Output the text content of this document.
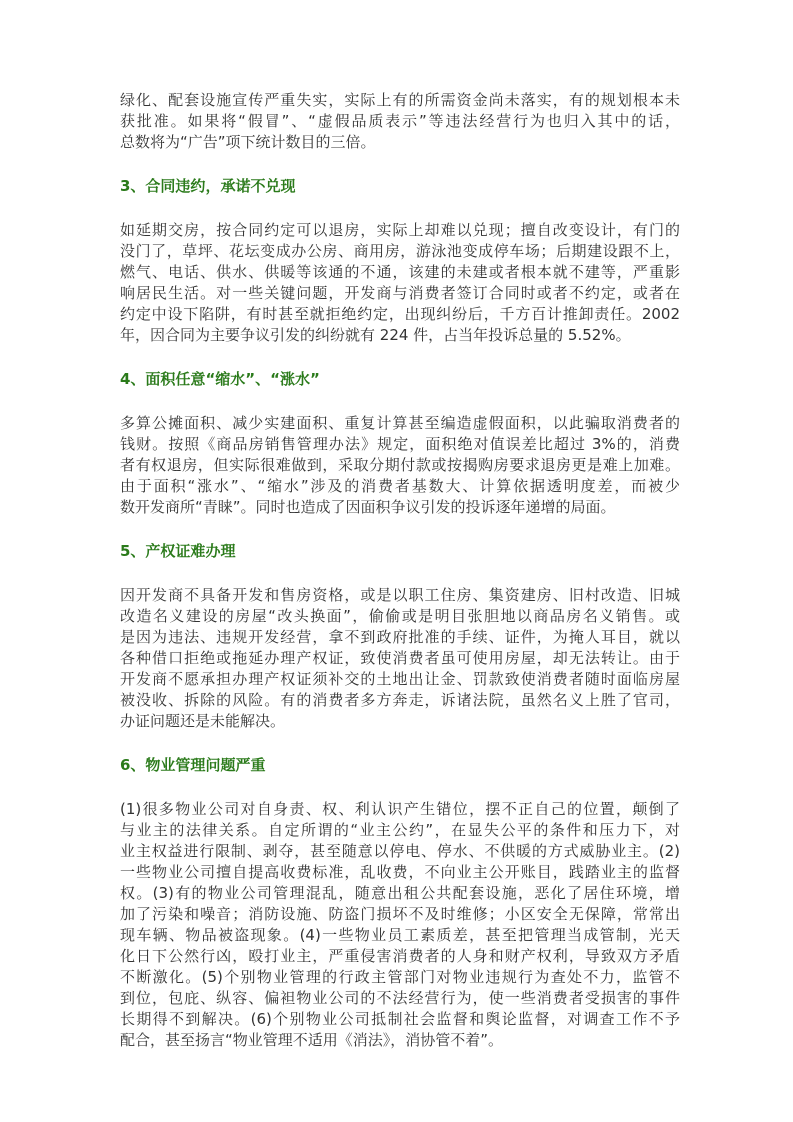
绿化、配套设施宣传严重失实，实际上有的所需资金尚未落实，有的规划根本未
获批准。如果将“假冒”、“虚假品质表示”等违法经营行为也归入其中的话，
总数将为“广告”项下统计数目的三倍。
3、合同违约，承诺不兑现
如延期交房，按合同约定可以退房，实际上却难以兑现；擅自改变设计，有门的
没门了，草坪、花坛变成办公房、商用房，游泳池变成停车场；后期建设跟不上，
燃气、电话、供水、供暖等该通的不通，该建的未建或者根本就不建等，严重影
响居民生活。对一些关键问题，开发商与消费者签订合同时或者不约定，或者在
约定中设下陷阱，有时甚至就拒绝约定，出现纠纷后，千方百计推卸责任。2002
年，因合同为主要争议引发的纠纷就有 224 件，占当年投诉总量的 5.52%。
4、面积任意“缩水”、“涨水”
多算公摊面积、减少实建面积、重复计算甚至编造虚假面积，以此骗取消费者的
钱财。按照《商品房销售管理办法》规定，面积绝对值误差比超过 3%的，消费
者有权退房，但实际很难做到，采取分期付款或按揭购房要求退房更是难上加难。
由于面积“涨水”、“缩水”涉及的消费者基数大、计算依据透明度差，而被少
数开发商所“青睐”。同时也造成了因面积争议引发的投诉逐年递增的局面。
5、产权证难办理
因开发商不具备开发和售房资格，或是以职工住房、集资建房、旧村改造、旧城
改造名义建设的房屋“改头换面”，偷偷或是明目张胆地以商品房名义销售。或
是因为违法、违规开发经营，拿不到政府批准的手续、证件，为掩人耳目，就以
各种借口拒绝或拖延办理产权证，致使消费者虽可使用房屋，却无法转让。由于
开发商不愿承担办理产权证须补交的土地出让金、罚款致使消费者随时面临房屋
被没收、拆除的风险。有的消费者多方奔走，诉诸法院，虽然名义上胜了官司，
办证问题还是未能解决。
6、物业管理问题严重
(1)很多物业公司对自身责、权、利认识产生错位，摆不正自己的位置，颠倒了
与业主的法律关系。自定所谓的“业主公约”，在显失公平的条件和压力下，对
业主权益进行限制、剥夺，甚至随意以停电、停水、不供暖的方式威胁业主。(2)
一些物业公司擅自提高收费标准，乱收费，不向业主公开账目，践踏业主的监督
权。(3)有的物业公司管理混乱，随意出租公共配套设施，恶化了居住环境，增
加了污染和噪音；消防设施、防盗门损坏不及时维修；小区安全无保障，常常出
现车辆、物品被盗现象。(4)一些物业员工素质差，甚至把管理当成管制，光天
化日下公然行凶，殴打业主，严重侵害消费者的人身和财产权利，导致双方矛盾
不断激化。(5)个别物业管理的行政主管部门对物业违规行为查处不力，监管不
到位，包庇、纵容、偏袒物业公司的不法经营行为，使一些消费者受损害的事件
长期得不到解决。(6)个别物业公司抵制社会监督和舆论监督，对调查工作不予
配合，甚至扬言“物业管理不适用《消法》，消协管不着”。
